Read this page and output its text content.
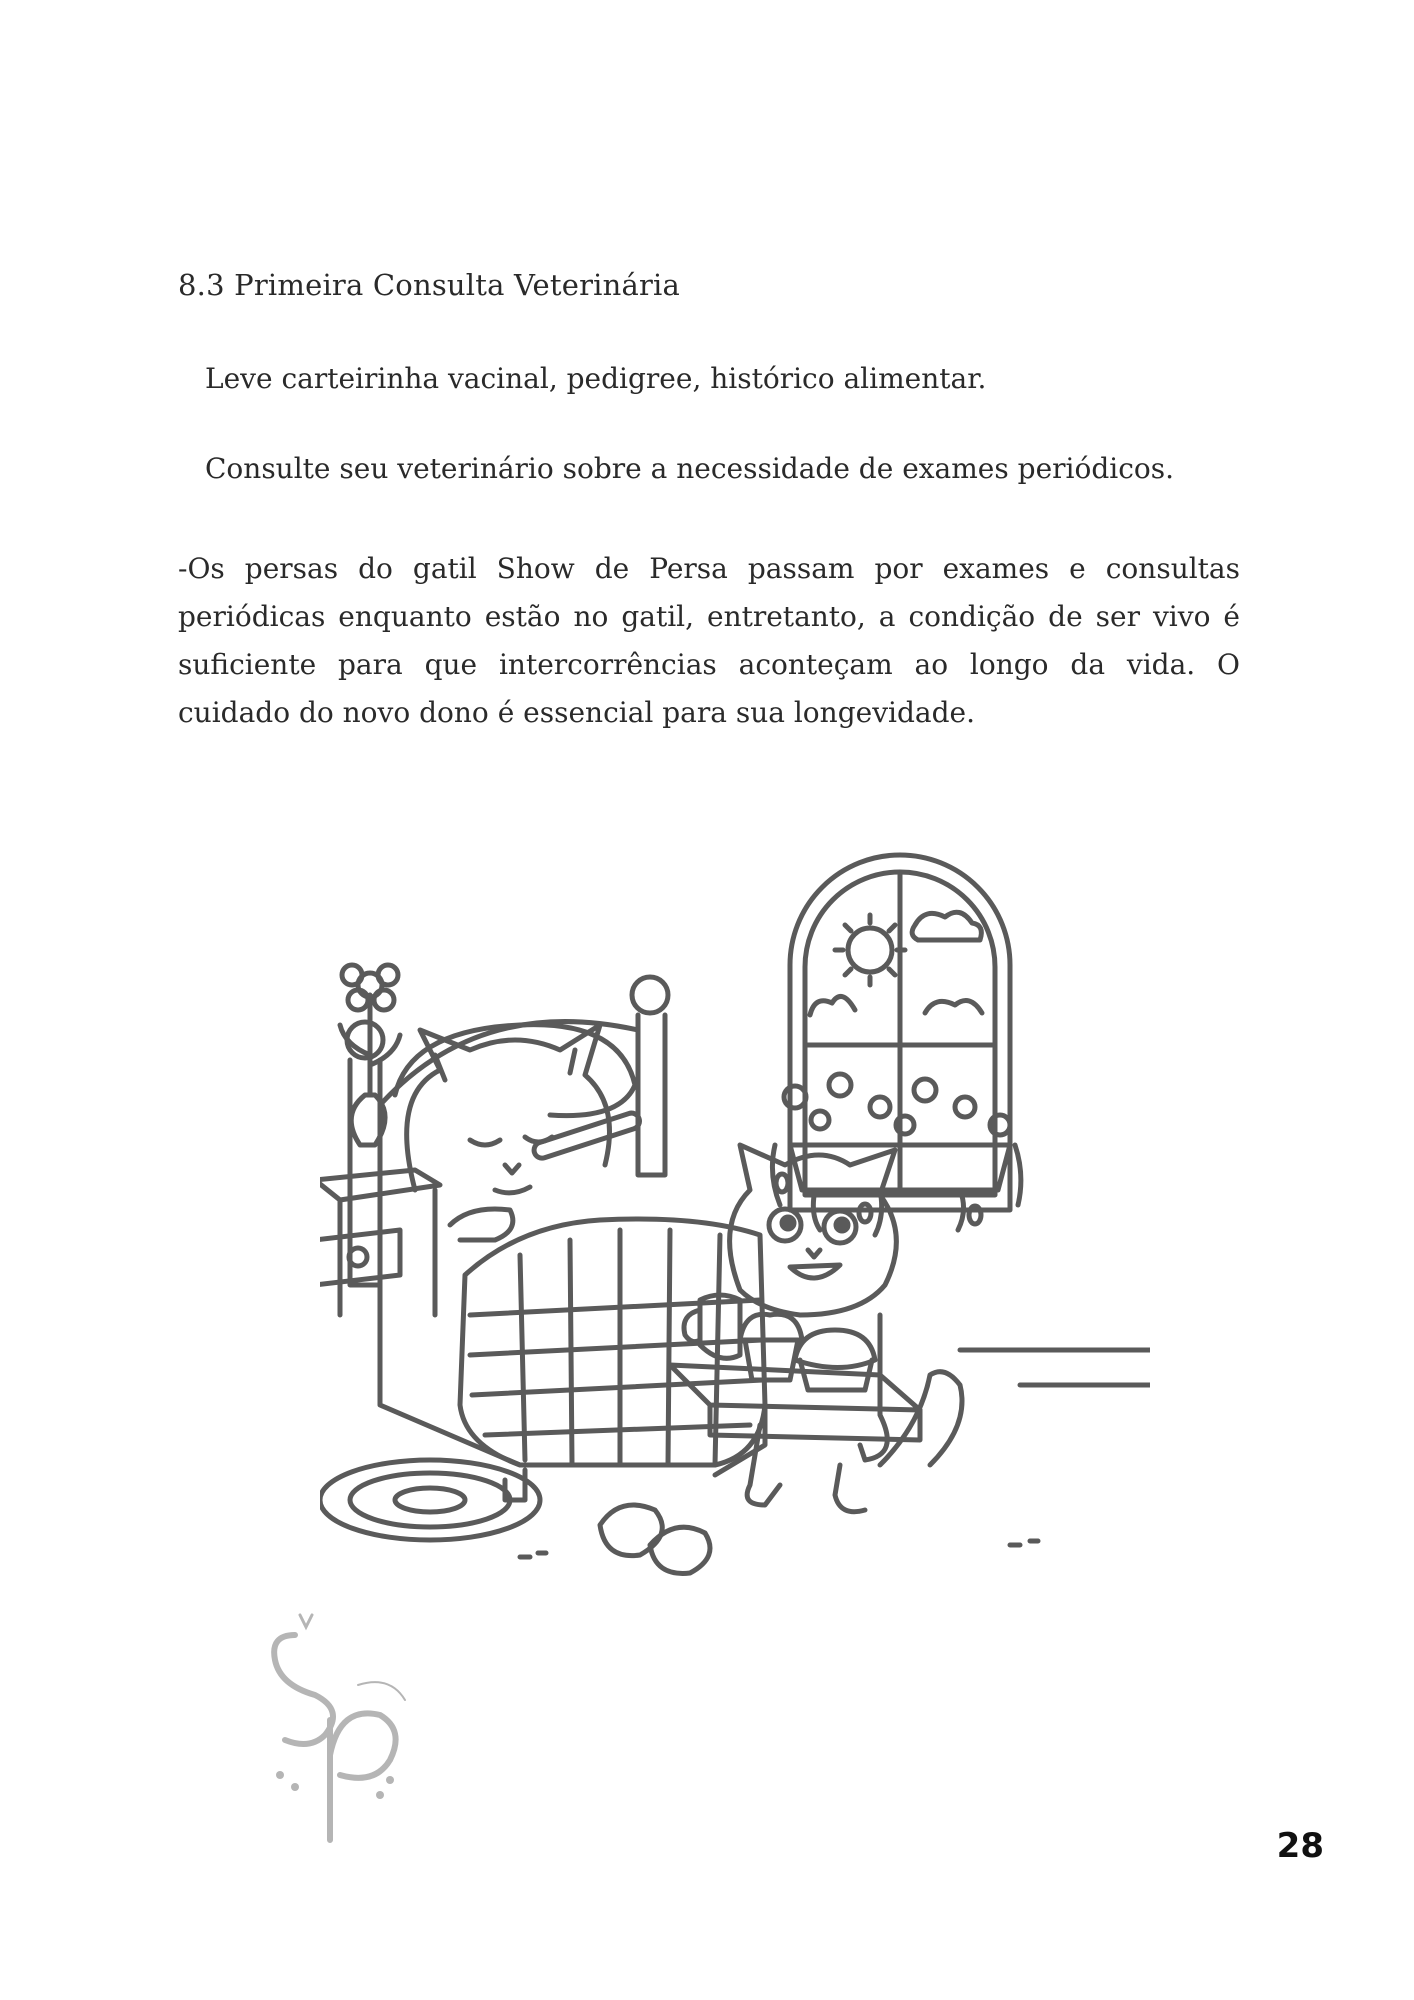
8.3 Primeira Consulta Veterinária

Leve carteirinha vacinal, pedigree, histórico alimentar.

Consulte seu veterinário sobre a necessidade de exames periódicos.

-Os persas do gatil Show de Persa passam por exames e consultas periódicas enquanto estão no gatil, entretanto, a condição de ser vivo é suficiente para que intercorrências aconteçam ao longo da vida. O cuidado do novo dono é essencial para sua longevidade.

28
